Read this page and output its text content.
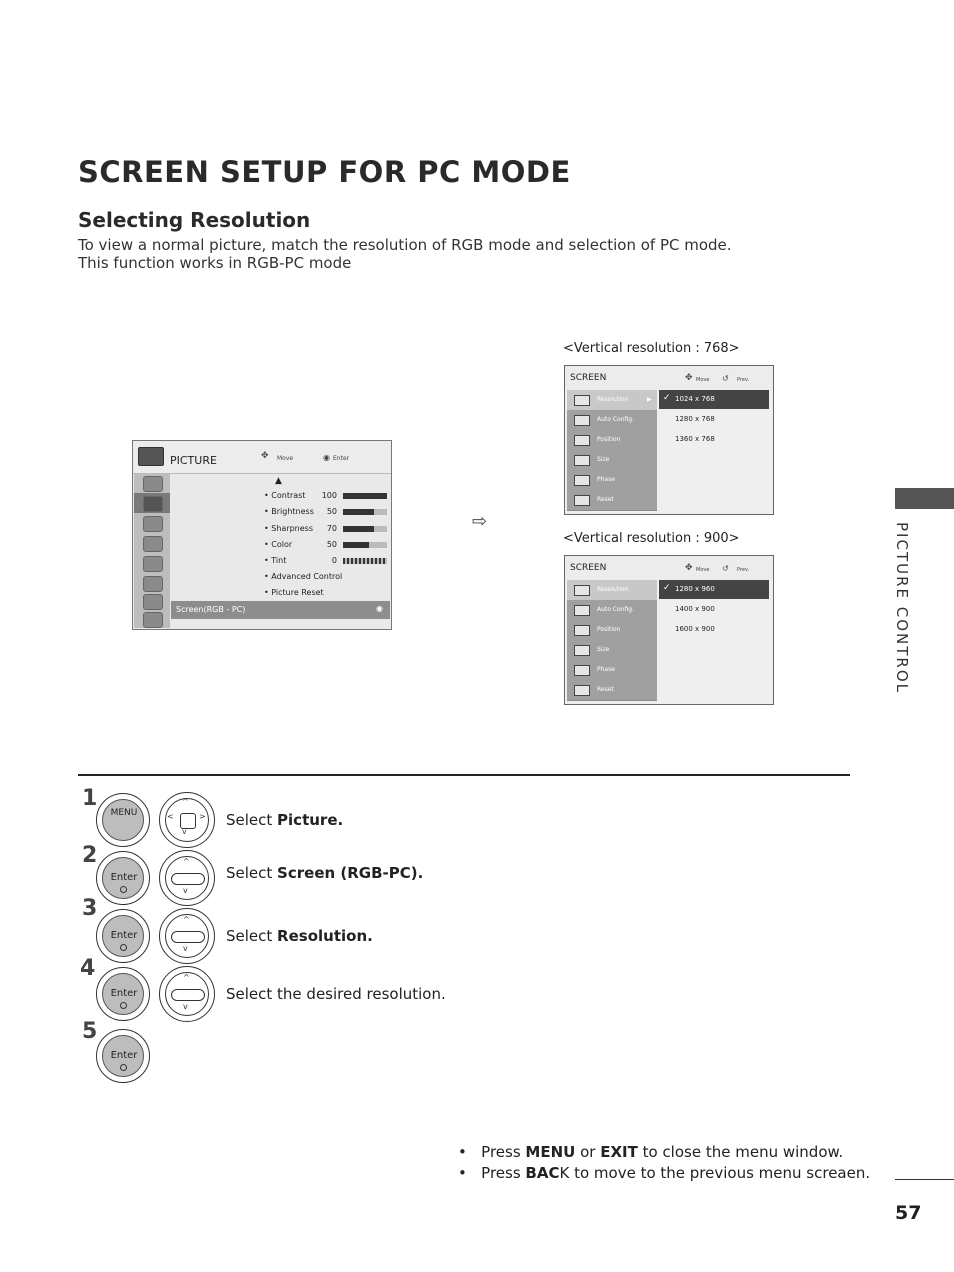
SCREEN SETUP FOR PC MODE
Selecting Resolution
To view a normal picture, match the resolution of RGB mode and selection of PC mode.
This function works in RGB-PC mode
PICTURE	✥ Move	◉ Enter
▲
• Contrast	100
• Brightness	50
• Sharpness	70
• Color	50
• Tint	0
• Advanced Control
• Picture Reset
Screen(RGB - PC)	◉
⇨
<Vertical resolution : 768>
SCREEN	✥ Move ↺ Prev.
Resolution	▶
Auto Config.
Position
Size
Phase
Reset
✓ 1024 x 768
1280 x 768
1360 x 768
<Vertical resolution : 900>
SCREEN	✥ Move ↺ Prev.
Resolution
Auto Config.
Position
Size
Phase
Reset
✓ 1280 x 960
1400 x 900
1600 x 900
1
MENU
^
v
<	> Select Picture.
2
Enter
^
v
Select Screen (RGB-PC).
3
Enter
^
v
Select Resolution.
4
Enter
^
v
Select the desired resolution.
5
Enter
•   Press MENU or EXIT to close the menu window.
•   Press BACK to move to the previous menu screaen.
PICTURE CONTROL
57
